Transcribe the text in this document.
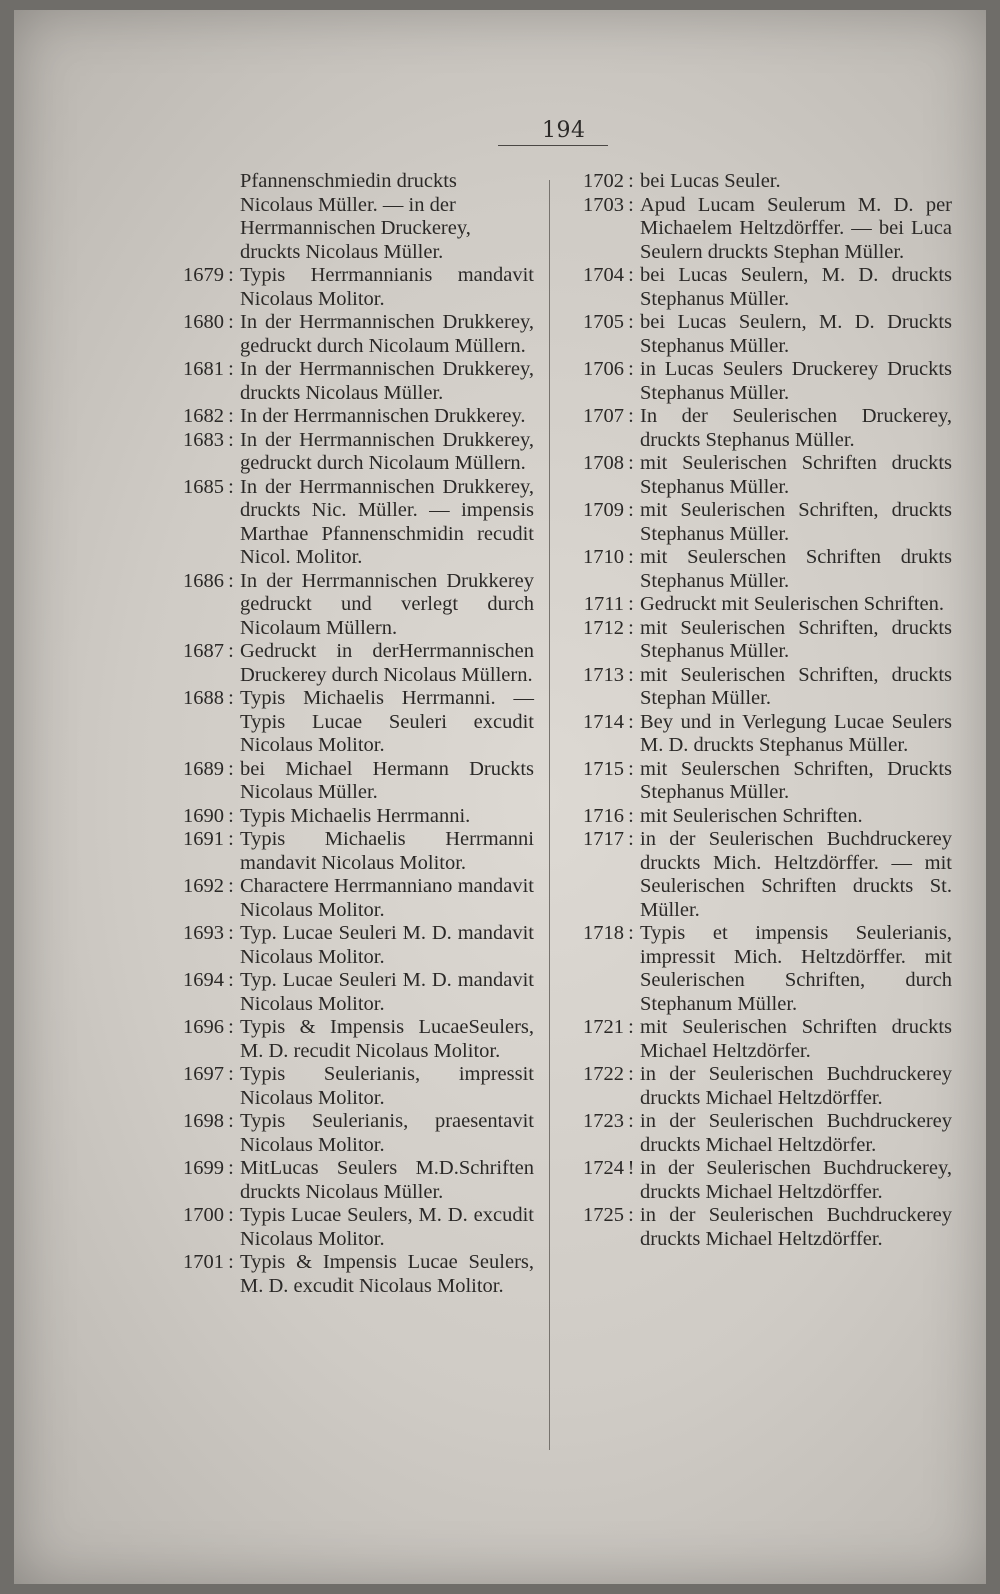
194
Pfannenschmiedin druckts Nicolaus Müller. — in der Herrmannischen Druckerey, druckts Nicolaus Müller.
1679 : Typis Herrmannianis mandavit Nicolaus Molitor.
1680 : In der Herrmannischen Drukkerey, gedruckt durch Nicolaum Müllern.
1681 : In der Herrmannischen Drukkerey, druckts Nicolaus Müller.
1682 : In der Herrmannischen Drukkerey.
1683 : In der Herrmannischen Drukkerey, gedruckt durch Nicolaum Müllern.
1685 : In der Herrmannischen Drukkerey, druckts Nic. Müller. — impensis Marthae Pfannenschmidin recudit Nicol. Molitor.
1686 : In der Herrmannischen Drukkerey gedruckt und verlegt durch Nicolaum Müllern.
1687 : Gedruckt in derHerrmannischen Druckerey durch Nicolaus Müllern.
1688 : Typis Michaelis Herrmanni. — Typis Lucae Seuleri excudit Nicolaus Molitor.
1689 : bei Michael Hermann Druckts Nicolaus Müller.
1690 : Typis Michaelis Herrmanni.
1691 : Typis Michaelis Herrmanni mandavit Nicolaus Molitor.
1692 : Charactere Herrmanniano mandavit Nicolaus Molitor.
1693 : Typ. Lucae Seuleri M. D. mandavit Nicolaus Molitor.
1694 : Typ. Lucae Seuleri M. D. mandavit Nicolaus Molitor.
1696 : Typis & Impensis LucaeSeulers, M. D. recudit Nicolaus Molitor.
1697 : Typis Seulerianis, impressit Nicolaus Molitor.
1698 : Typis Seulerianis, praesentavit Nicolaus Molitor.
1699 : MitLucas Seulers M.D.Schriften druckts Nicolaus Müller.
1700 : Typis Lucae Seulers, M. D. excudit Nicolaus Molitor.
1701 : Typis & Impensis Lucae Seulers, M. D. excudit Nicolaus Molitor.
1702 : bei Lucas Seuler.
1703 : Apud Lucam Seulerum M. D. per Michaelem Heltzdörffer. — bei Luca Seulern druckts Stephan Müller.
1704 : bei Lucas Seulern, M. D. druckts Stephanus Müller.
1705 : bei Lucas Seulern, M. D. Druckts Stephanus Müller.
1706 : in Lucas Seulers Druckerey Druckts Stephanus Müller.
1707 : In der Seulerischen Druckerey, druckts Stephanus Müller.
1708 : mit Seulerischen Schriften druckts Stephanus Müller.
1709 : mit Seulerischen Schriften, druckts Stephanus Müller.
1710 : mit Seulerschen Schriften drukts Stephanus Müller.
1711 : Gedruckt mit Seulerischen Schriften.
1712 : mit Seulerischen Schriften, druckts Stephanus Müller.
1713 : mit Seulerischen Schriften, druckts Stephan Müller.
1714 : Bey und in Verlegung Lucae Seulers M. D. druckts Stephanus Müller.
1715 : mit Seulerschen Schriften, Druckts Stephanus Müller.
1716 : mit Seulerischen Schriften.
1717 : in der Seulerischen Buchdruckerey druckts Mich. Heltzdörffer. — mit Seulerischen Schriften druckts St. Müller.
1718 : Typis et impensis Seulerianis, impressit Mich. Heltzdörffer. mit Seulerischen Schriften, durch Stephanum Müller.
1721 : mit Seulerischen Schriften druckts Michael Heltzdörfer.
1722 : in der Seulerischen Buchdruckerey druckts Michael Heltzdörffer.
1723 : in der Seulerischen Buchdruckerey druckts Michael Heltzdörfer.
1724 ! in der Seulerischen Buchdruckerey, druckts Michael Heltzdörffer.
1725 : in der Seulerischen Buchdruckerey druckts Michael Heltzdörffer.
